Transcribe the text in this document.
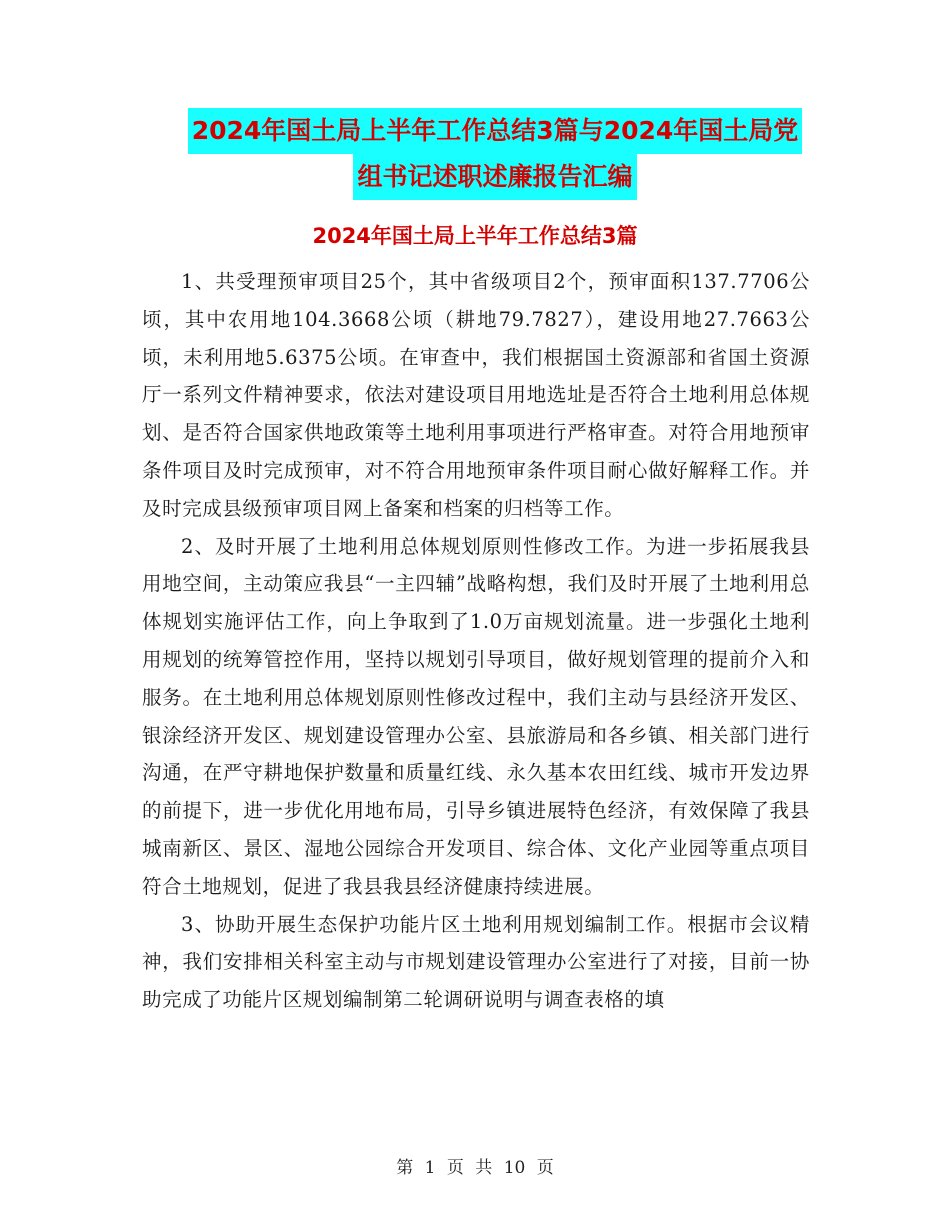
2024年国土局上半年工作总结3篇与2024年国土局党
组书记述职述廉报告汇编
2024年国土局上半年工作总结3篇

1、共受理预审项目25个，其中省级项目2个，预审面积137.7706公顷，其中农用地104.3668公顷（耕地79.7827），建设用地27.7663公顷，未利用地5.6375公顷。在审查中，我们根据国土资源部和省国土资源厅一系列文件精神要求，依法对建设项目用地选址是否符合土地利用总体规划、是否符合国家供地政策等土地利用事项进行严格审查。对符合用地预审条件项目及时完成预审，对不符合用地预审条件项目耐心做好解释工作。并及时完成县级预审项目网上备案和档案的归档等工作。

2、及时开展了土地利用总体规划原则性修改工作。为进一步拓展我县用地空间，主动策应我县“一主四辅”战略构想，我们及时开展了土地利用总体规划实施评估工作，向上争取到了1.0万亩规划流量。进一步强化土地利用规划的统筹管控作用，坚持以规划引导项目，做好规划管理的提前介入和服务。在土地利用总体规划原则性修改过程中，我们主动与县经济开发区、银涂经济开发区、规划建设管理办公室、县旅游局和各乡镇、相关部门进行沟通，在严守耕地保护数量和质量红线、永久基本农田红线、城市开发边界的前提下，进一步优化用地布局，引导乡镇进展特色经济，有效保障了我县城南新区、景区、湿地公园综合开发项目、综合体、文化产业园等重点项目符合土地规划，促进了我县我县经济健康持续进展。

3、协助开展生态保护功能片区土地利用规划编制工作。根据市会议精神，我们安排相关科室主动与市规划建设管理办公室进行了对接，目前一协助完成了功能片区规划编制第二轮调研说明与调查表格的填

第 1 页 共 10 页
